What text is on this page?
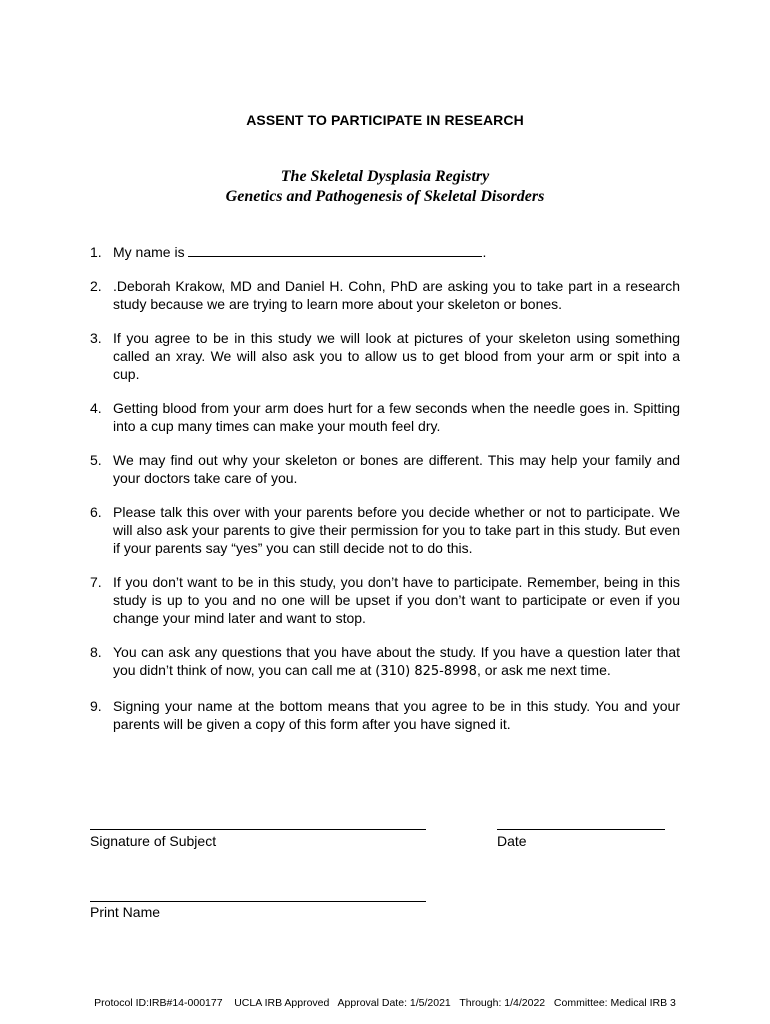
ASSENT TO PARTICIPATE IN RESEARCH
The Skeletal Dysplasia Registry
Genetics and Pathogenesis of Skeletal Disorders
1. My name is	.
2. .Deborah Krakow, MD and Daniel H. Cohn, PhD are asking you to take part in a research study because we are trying to learn more about your skeleton or bones.
3. If you agree to be in this study we will look at pictures of your skeleton using something called an xray. We will also ask you to allow us to get blood from your arm or spit into a cup.
4. Getting blood from your arm does hurt for a few seconds when the needle goes in. Spitting into a cup many times can make your mouth feel dry.
5. We may find out why your skeleton or bones are different. This may help your family and your doctors take care of you.
6. Please talk this over with your parents before you decide whether or not to participate. We will also ask your parents to give their permission for you to take part in this study. But even if your parents say “yes” you can still decide not to do this.
7. If you don’t want to be in this study, you don’t have to participate. Remember, being in this study is up to you and no one will be upset if you don’t want to participate or even if you change your mind later and want to stop.
8. You can ask any questions that you have about the study. If you have a question later that you didn’t think of now, you can call me at (310) 825-8998, or ask me next time.
9. Signing your name at the bottom means that you agree to be in this study. You and your parents will be given a copy of this form after you have signed it.
Signature of Subject	Date
Print Name
Protocol ID:IRB#14-000177    UCLA IRB Approved   Approval Date: 1/5/2021   Through: 1/4/2022   Committee: Medical IRB 3
